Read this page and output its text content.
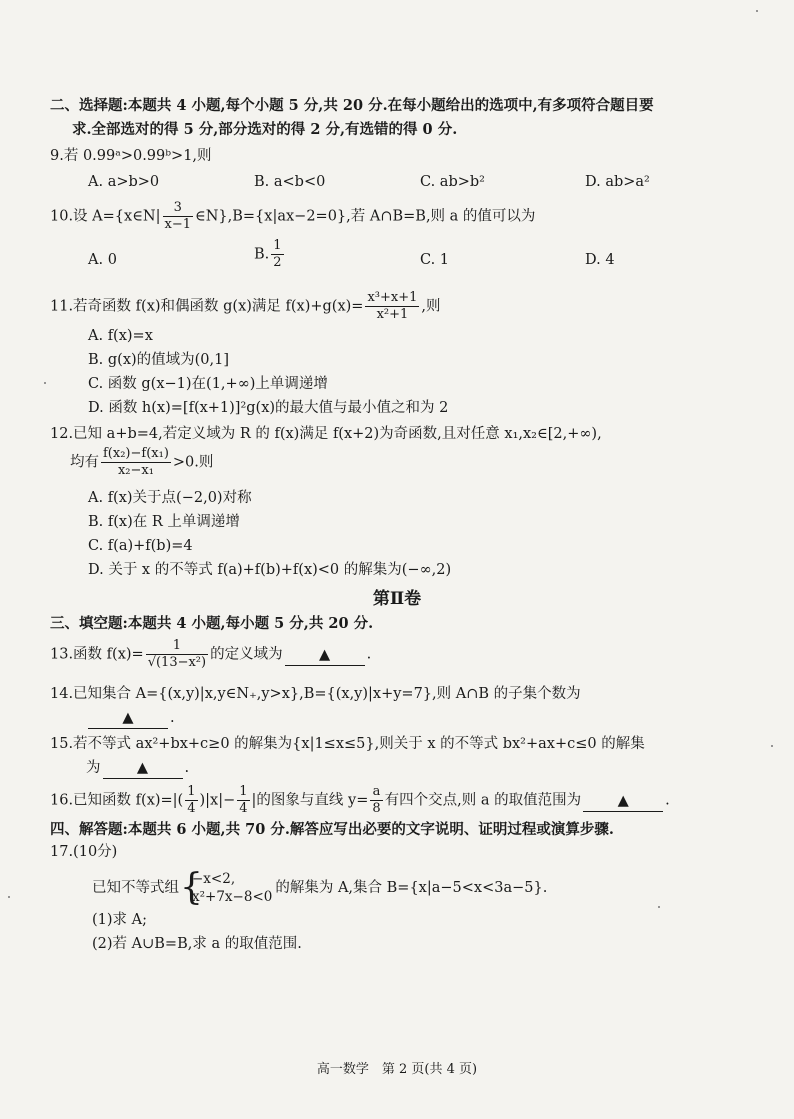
二、选择题:本题共 4 小题,每个小题 5 分,共 20 分.在每小题给出的选项中,有多项符合题目要
求.全部选对的得 5 分,部分选对的得 2 分,有选错的得 0 分.
9.若 0.99ᵃ>0.99ᵇ>1,则
A. a>b>0	B. a<b<0	C. ab>b²	D. ab>a²
10.设 A={x∈N| $\frac{3}{x-1}$ ∈N},B={x|ax−2=0},若 A∩B=B,则 a 的值可以为
A. 0	B. $\frac{1}{2}$	C. 1	D. 4
11.若奇函数 f(x)和偶函数 g(x)满足 $f(x)+g(x)= \frac{\text{x³+x+1}}{\text{x²+1}}$ ,则
A. f(x)=x
B. g(x)的值域为(0,1]
C. 函数 g(x−1)在(1,+∞)上单调递增
D. 函数 h(x)=[f(x+1)]²g(x)的最大值与最小值之和为 2
12.已知 a+b=4,若定义域为 R 的 f(x)满足 f(x+2)为奇函数,且对任意 x₁,x₂∈[2,+∞),
均有 $\frac{\text{f(x₂)−f(x₁)}}{\text{x₂−x₁}} >0$.则
A. f(x)关于点(−2,0)对称
B. f(x)在 R 上单调递增
C. f(a)+f(b)=4
D. 关于 x 的不等式 f(a)+f(b)+f(x)<0 的解集为(−∞,2)
第Ⅱ卷
三、填空题:本题共 4 小题,每小题 5 分,共 20 分.
13.函数 $f(x)= \frac{1}{\text{√(13−x²)}}$ 的定义域为	▲	.
14.已知集合 A={(x,y)|x,y∈N₊,y>x},B={(x,y)|x+y=7},则 A∩B 的子集个数为
▲	.
15.若不等式 ax²+bx+c≥0 的解集为{x|1≤x≤5},则关于 x 的不等式 bx²+ax+c≤0 的解集
为	▲	.
16.已知函数 $f(x)=|( \frac{1}{4} )|x|- \frac{1}{4}$ |的图象与直线 $y= \frac{a}{8}$ 有四个交点,则 a 的取值范围为	▲	.
四、解答题:本题共 6 小题,共 70 分.解答应写出必要的文字说明、证明过程或演算步骤.
17.(10分)
已知不等式组 {
−x<2,
x²+7x−8<0
的解集为 A,集合 B={x|a−5<x<3a−5}.
(1)求 A;
(2)若 A∪B=B,求 a 的取值范围.
高一数学　第 2 页(共 4 页)
